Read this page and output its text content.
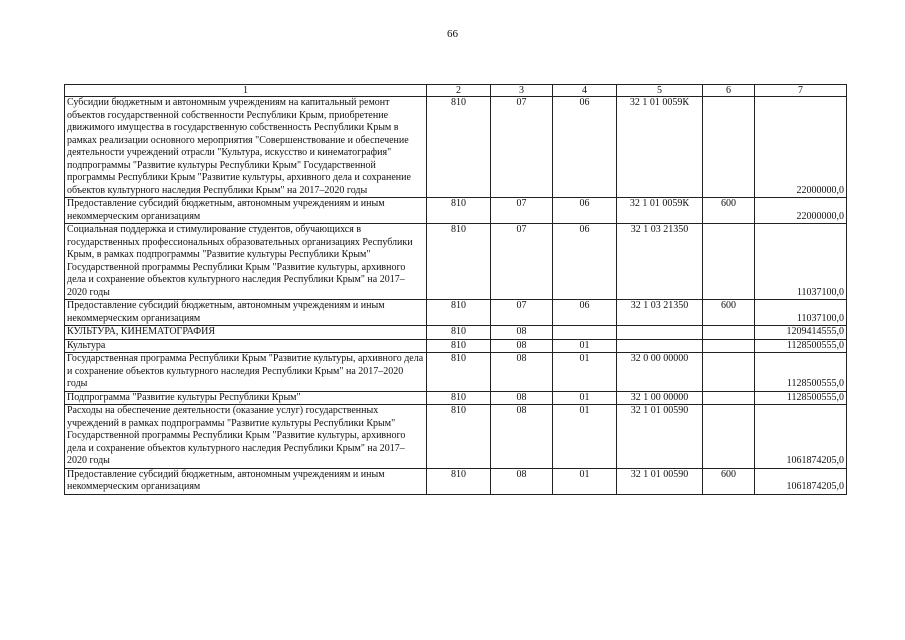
66
1	2	3	4	5	6	7
Субсидии бюджетным и автономным учреждениям на капитальный ремонт объектов государственной собственности Республики Крым, приобретение движимого имущества в государственную собственность Республики Крым в рамках реализации основного мероприятия "Совершенствование и обеспечение деятельности учреждений отрасли "Культура, искусство и кинематография" подпрограммы "Развитие культуры Республики Крым" Государственной программы Республики Крым "Развитие культуры, архивного дела и сохранение объектов культурного наследия Республики Крым" на 2017–2020 годы	810	07	06	32 1 01 0059К		22000000,0
Предоставление субсидий бюджетным, автономным учреждениям и иным некоммерческим организациям	810	07	06	32 1 01 0059К	600	22000000,0
Социальная поддержка и стимулирование студентов, обучающихся в государственных профессиональных образовательных организациях Республики Крым, в рамках подпрограммы "Развитие культуры Республики Крым" Государственной программы Республики Крым "Развитие культуры, архивного дела и сохранение объектов культурного наследия Республики Крым" на 2017–2020 годы	810	07	06	32 1 03 21350		11037100,0
Предоставление субсидий бюджетным, автономным учреждениям и иным некоммерческим организациям	810	07	06	32 1 03 21350	600	11037100,0
КУЛЬТУРА, КИНЕМАТОГРАФИЯ	810	08				1209414555,0
Культура	810	08	01			1128500555,0
Государственная программа Республики Крым "Развитие культуры, архивного дела и сохранение объектов культурного наследия Республики Крым" на 2017–2020 годы	810	08	01	32 0 00 00000		1128500555,0
Подпрограмма "Развитие культуры Республики Крым"	810	08	01	32 1 00 00000		1128500555,0
Расходы на обеспечение деятельности (оказание услуг) государственных учреждений в рамках подпрограммы "Развитие культуры Республики Крым" Государственной программы Республики Крым "Развитие культуры, архивного дела и сохранение объектов культурного наследия Республики Крым" на 2017–2020 годы	810	08	01	32 1 01 00590		1061874205,0
Предоставление субсидий бюджетным, автономным учреждениям и иным некоммерческим организациям	810	08	01	32 1 01 00590	600	1061874205,0
